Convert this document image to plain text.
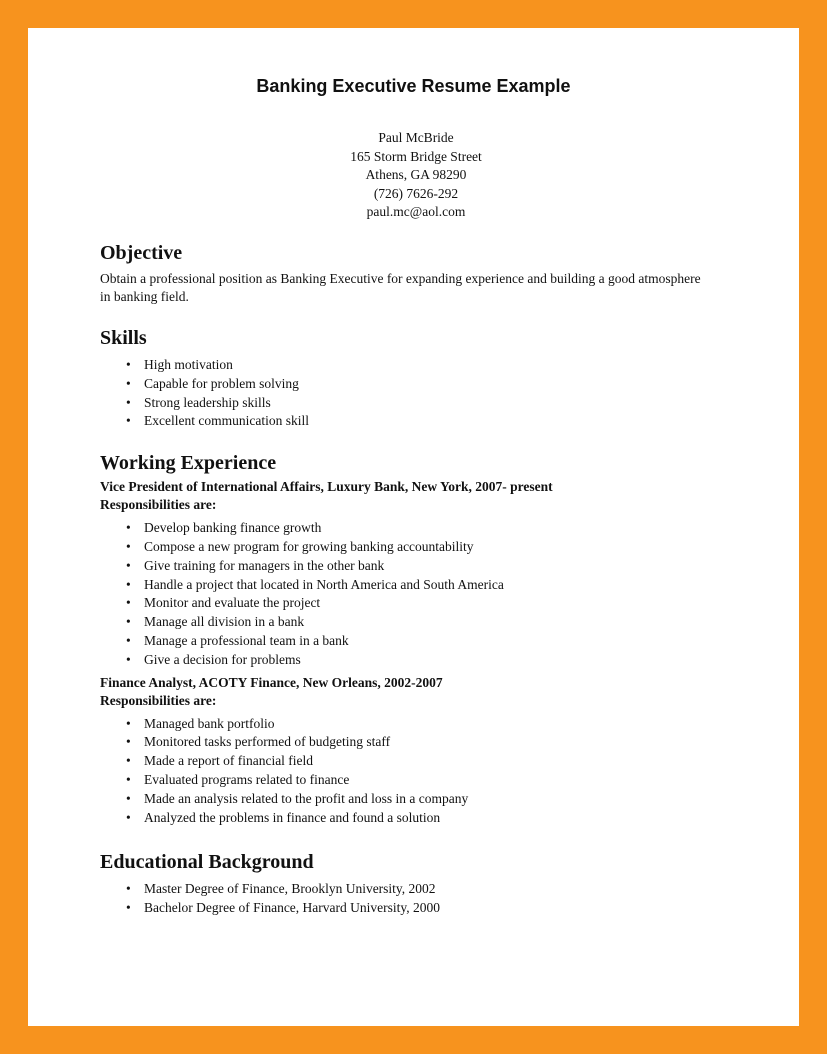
Banking Executive Resume Example
Paul McBride
165 Storm Bridge Street
Athens, GA 98290
(726) 7626-292
paul.mc@aol.com
Objective

Obtain a professional position as Banking Executive for expanding experience and building a good atmosphere in banking field.

Skills
• High motivation
• Capable for problem solving
• Strong leadership skills
• Excellent communication skill
Working Experience
Vice President of International Affairs, Luxury Bank, New York, 2007- present
Responsibilities are:
• Develop banking finance growth
• Compose a new program for growing banking accountability
• Give training for managers in the other bank
• Handle a project that located in North America and South America
• Monitor and evaluate the project
• Manage all division in a bank
• Manage a professional team in a bank
• Give a decision for problems
Finance Analyst, ACOTY Finance, New Orleans, 2002-2007
Responsibilities are:
• Managed bank portfolio
• Monitored tasks performed of budgeting staff
• Made a report of financial field
• Evaluated programs related to finance
• Made an analysis related to the profit and loss in a company
• Analyzed the problems in finance and found a solution
Educational Background
• Master Degree of Finance, Brooklyn University, 2002
• Bachelor Degree of Finance, Harvard University, 2000
